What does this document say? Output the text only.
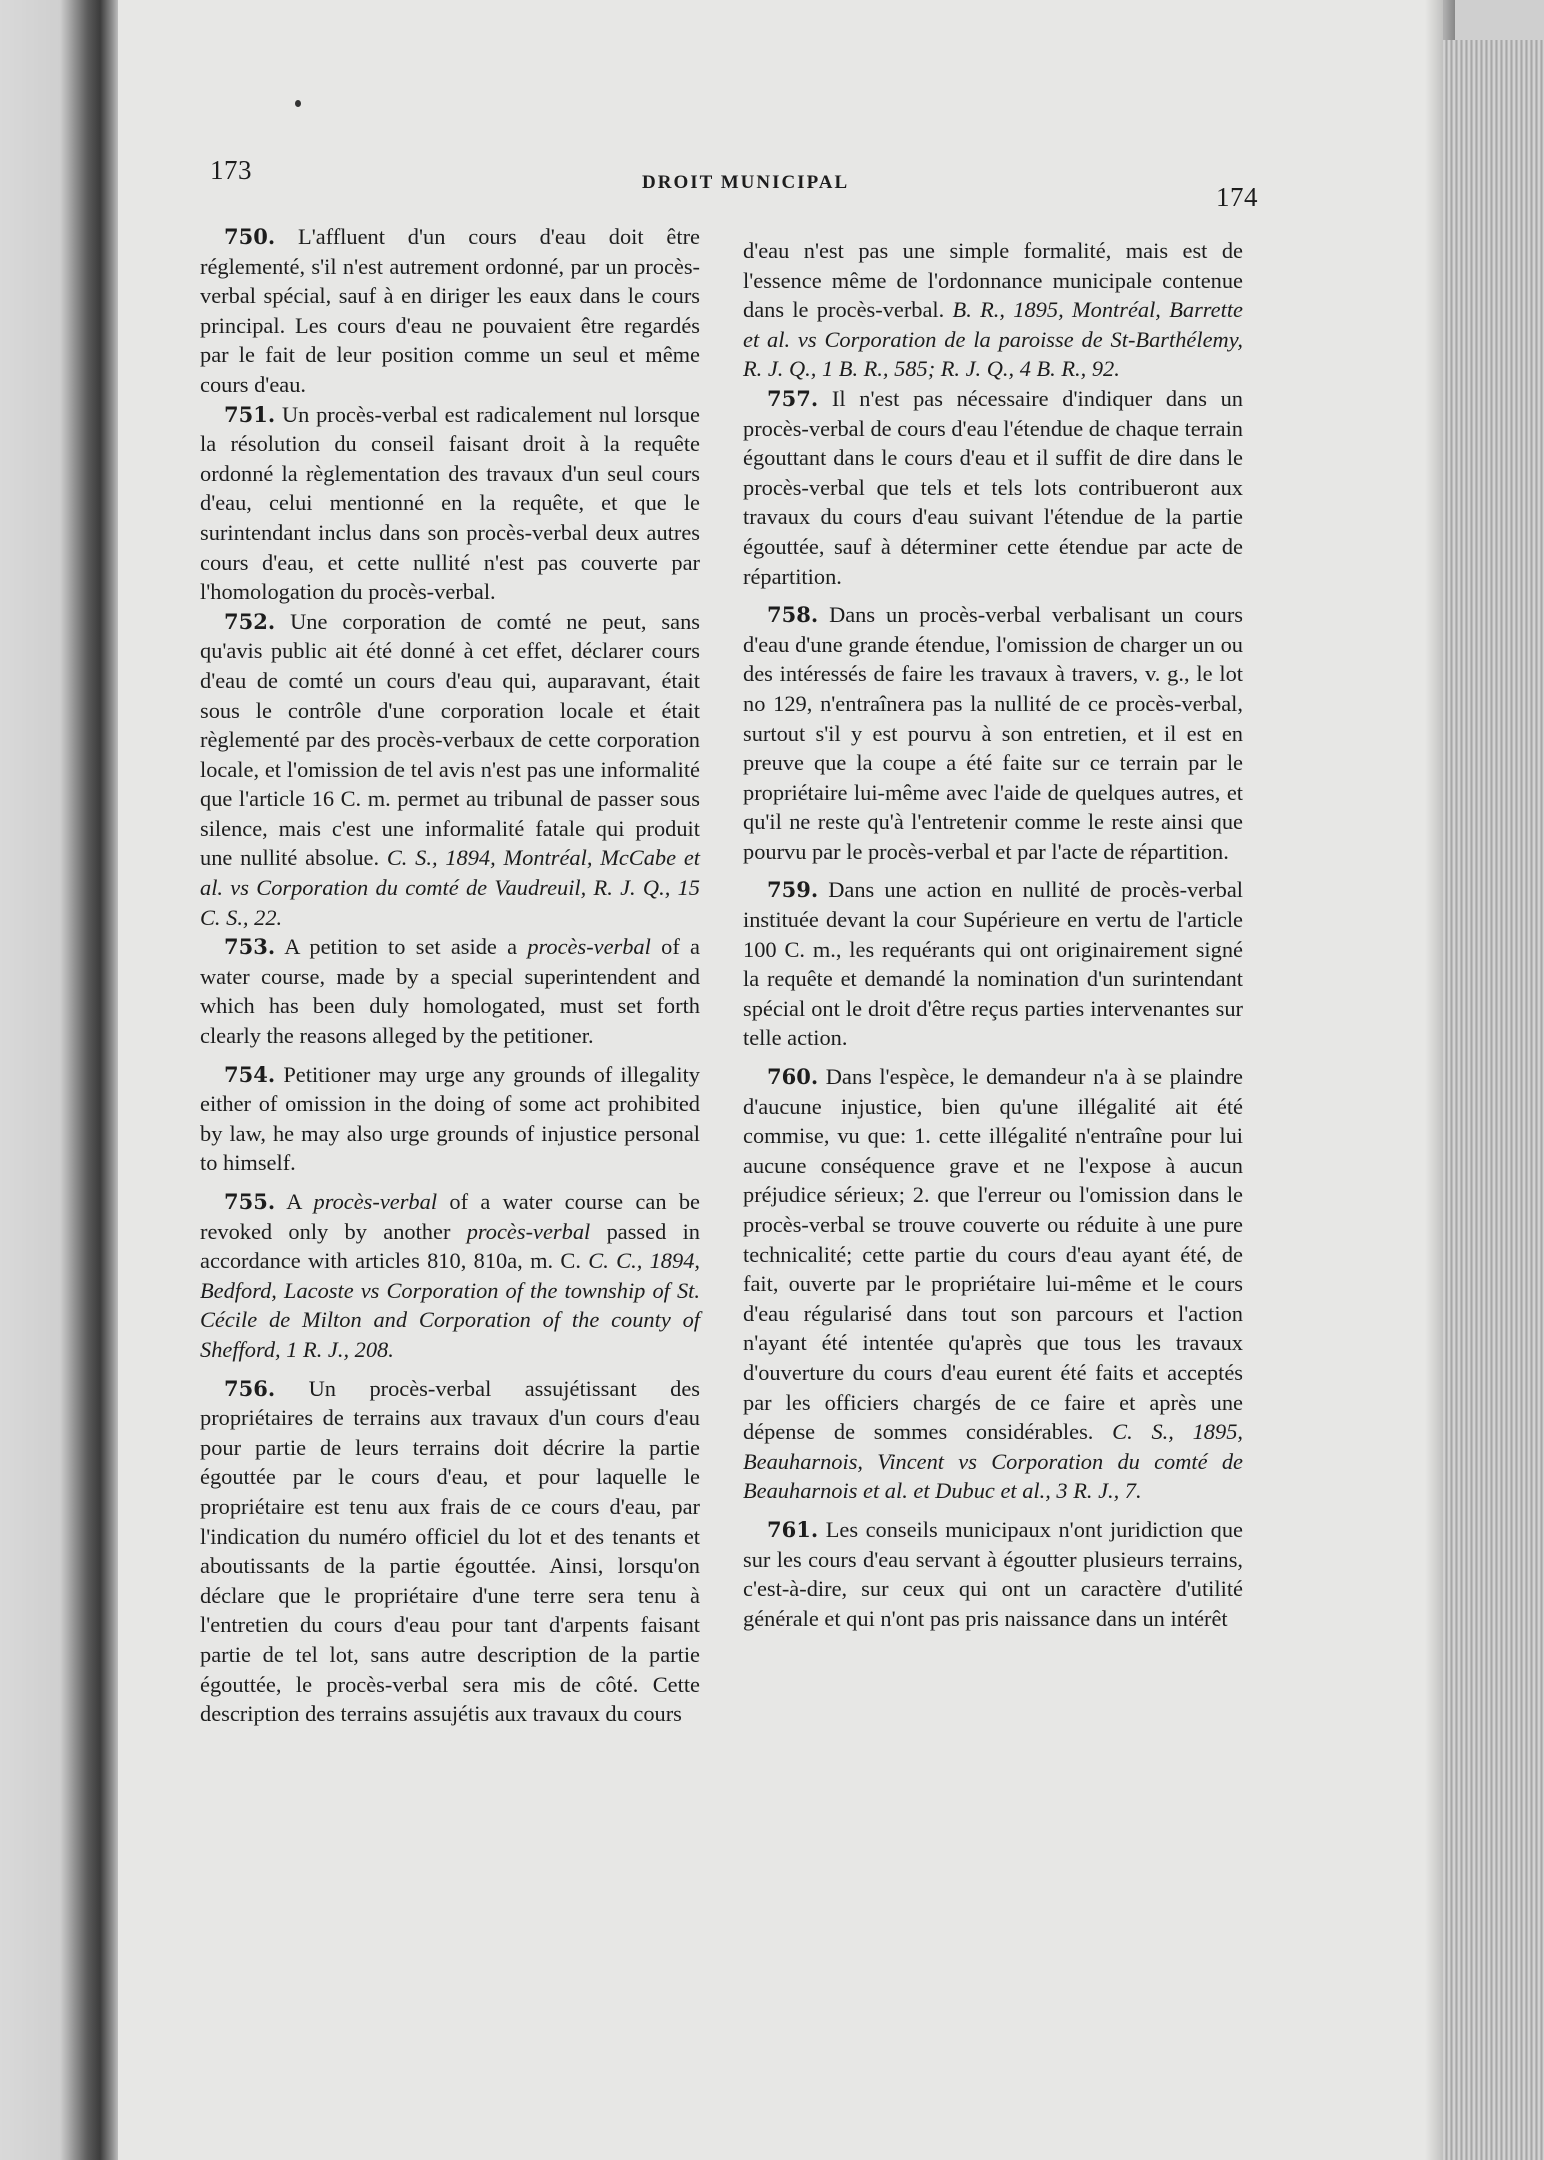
173	DROIT MUNICIPAL	174

750. L'affluent d'un cours d'eau doit être réglementé, s'il n'est autrement ordonné, par un procès-verbal spécial, sauf à en diriger les eaux dans le cours principal. Les cours d'eau ne pouvaient être regardés par le fait de leur position comme un seul et même cours d'eau.

751. Un procès-verbal est radicalement nul lorsque la résolution du conseil faisant droit à la requête ordonné la règlementation des travaux d'un seul cours d'eau, celui mentionné en la requête, et que le surintendant inclus dans son procès-verbal deux autres cours d'eau, et cette nullité n'est pas couverte par l'homologation du procès-verbal.

752. Une corporation de comté ne peut, sans qu'avis public ait été donné à cet effet, déclarer cours d'eau de comté un cours d'eau qui, auparavant, était sous le contrôle d'une corporation locale et était règlementé par des procès-verbaux de cette corporation locale, et l'omission de tel avis n'est pas une informalité que l'article 16 C. m. permet au tribunal de passer sous silence, mais c'est une informalité fatale qui produit une nullité absolue. C. S., 1894, Montréal, McCabe et al. vs Corporation du comté de Vaudreuil, R. J. Q., 15 C. S., 22.

753. A petition to set aside a procès-verbal of a water course, made by a special superintendent and which has been duly homologated, must set forth clearly the reasons alleged by the petitioner.

754. Petitioner may urge any grounds of illegality either of omission in the doing of some act prohibited by law, he may also urge grounds of injustice personal to himself.

755. A procès-verbal of a water course can be revoked only by another procès-verbal passed in accordance with articles 810, 810a, m. C. C. C., 1894, Bedford, Lacoste vs Corporation of the township of St. Cécile de Milton and Corporation of the county of Shefford, 1 R. J., 208.

756. Un procès-verbal assujétissant des propriétaires de terrains aux travaux d'un cours d'eau pour partie de leurs terrains doit décrire la partie égouttée par le cours d'eau, et pour laquelle le propriétaire est tenu aux frais de ce cours d'eau, par l'indication du numéro officiel du lot et des tenants et aboutissants de la partie égouttée. Ainsi, lorsqu'on déclare que le propriétaire d'une terre sera tenu à l'entretien du cours d'eau pour tant d'arpents faisant partie de tel lot, sans autre description de la partie égouttée, le procès-verbal sera mis de côté. Cette description des terrains assujétis aux travaux du cours

d'eau n'est pas une simple formalité, mais est de l'essence même de l'ordonnance municipale contenue dans le procès-verbal. B. R., 1895, Montréal, Barrette et al. vs Corporation de la paroisse de St-Barthélemy, R. J. Q., 1 B. R., 585; R. J. Q., 4 B. R., 92.

757. Il n'est pas nécessaire d'indiquer dans un procès-verbal de cours d'eau l'étendue de chaque terrain égouttant dans le cours d'eau et il suffit de dire dans le procès-verbal que tels et tels lots contribueront aux travaux du cours d'eau suivant l'étendue de la partie égouttée, sauf à déterminer cette étendue par acte de répartition.

758. Dans un procès-verbal verbalisant un cours d'eau d'une grande étendue, l'omission de charger un ou des intéressés de faire les travaux à travers, v. g., le lot no 129, n'entraînera pas la nullité de ce procès-verbal, surtout s'il y est pourvu à son entretien, et il est en preuve que la coupe a été faite sur ce terrain par le propriétaire lui-même avec l'aide de quelques autres, et qu'il ne reste qu'à l'entretenir comme le reste ainsi que pourvu par le procès-verbal et par l'acte de répartition.

759. Dans une action en nullité de procès-verbal instituée devant la cour Supérieure en vertu de l'article 100 C. m., les requérants qui ont originairement signé la requête et demandé la nomination d'un surintendant spécial ont le droit d'être reçus parties intervenantes sur telle action.

760. Dans l'espèce, le demandeur n'a à se plaindre d'aucune injustice, bien qu'une illégalité ait été commise, vu que: 1. cette illégalité n'entraîne pour lui aucune conséquence grave et ne l'expose à aucun préjudice sérieux; 2. que l'erreur ou l'omission dans le procès-verbal se trouve couverte ou réduite à une pure technicalité; cette partie du cours d'eau ayant été, de fait, ouverte par le propriétaire lui-même et le cours d'eau régularisé dans tout son parcours et l'action n'ayant été intentée qu'après que tous les travaux d'ouverture du cours d'eau eurent été faits et acceptés par les officiers chargés de ce faire et après une dépense de sommes considérables. C. S., 1895, Beauharnois, Vincent vs Corporation du comté de Beauharnois et al. et Dubuc et al., 3 R. J., 7.

761. Les conseils municipaux n'ont juridiction que sur les cours d'eau servant à égoutter plusieurs terrains, c'est-à-dire, sur ceux qui ont un caractère d'utilité générale et qui n'ont pas pris naissance dans un intérêt
